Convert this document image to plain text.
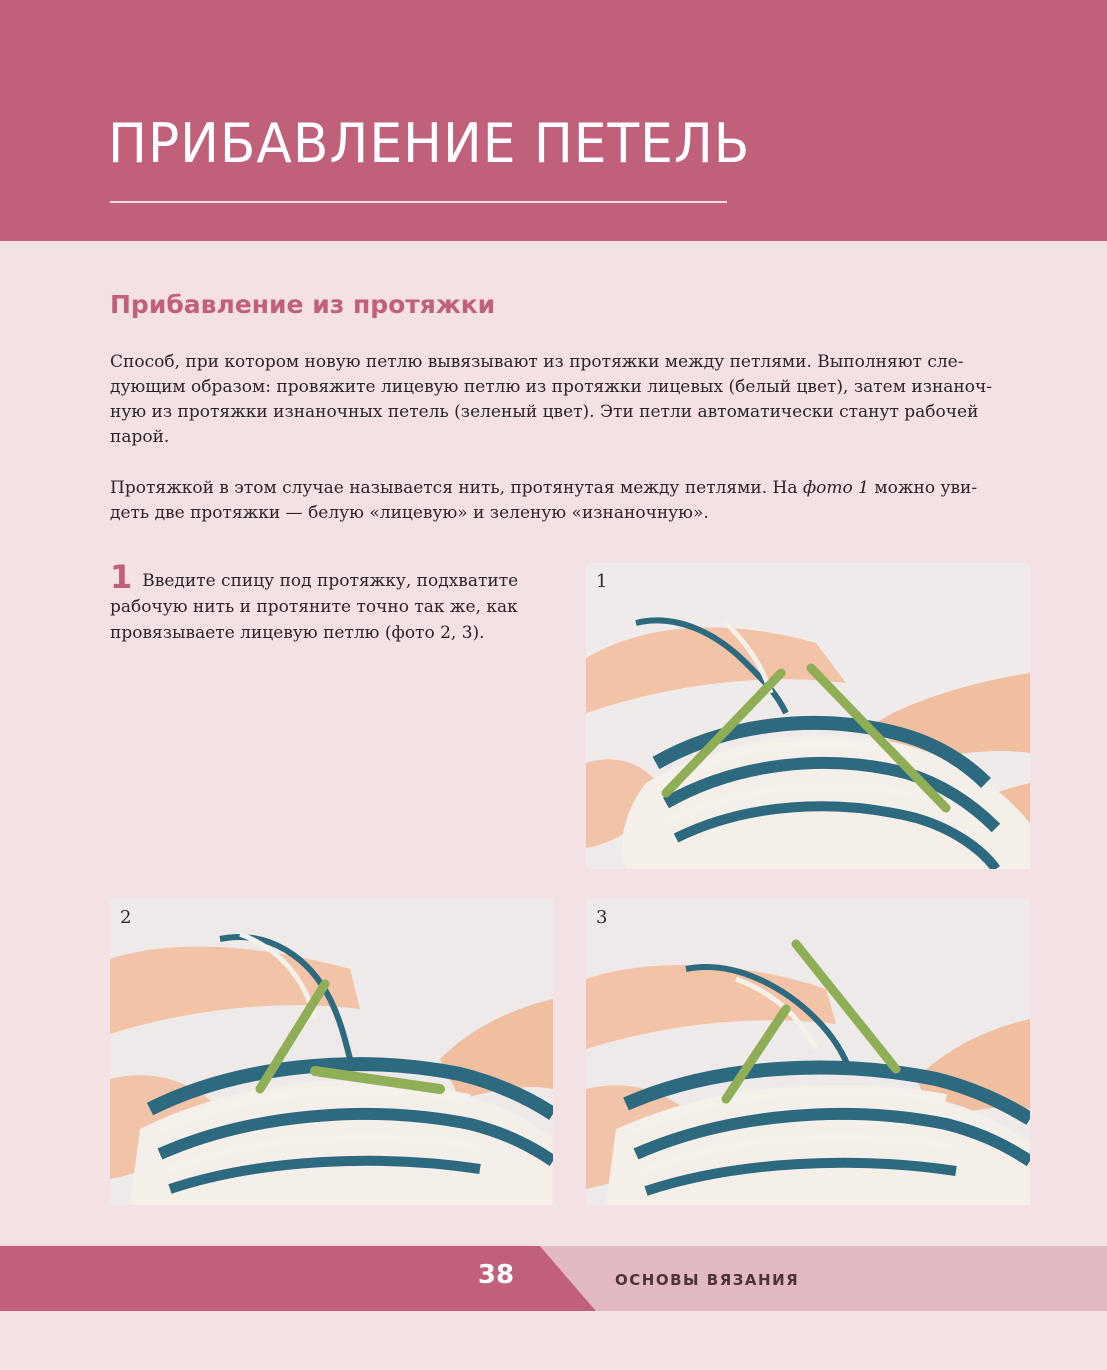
ПРИБАВЛЕНИЕ ПЕТЕЛЬ
Прибавление из протяжки
Способ, при котором новую петлю вывязывают из протяжки между петлями. Выполняют сле-
дующим образом: провяжите лицевую петлю из протяжки лицевых (белый цвет), затем изнаноч-
ную из протяжки изнаночных петель (зеленый цвет). Эти петли автоматически станут рабочей
парой.
Протяжкой в этом случае называется нить, протянутая между петлями. На фото 1 можно уви-
деть две протяжки — белую «лицевую» и зеленую «изнаночную».
1 Введите спицу под протяжку, подхватите
рабочую нить и протяните точно так же, как
провязываете лицевую петлю (фото 2, 3).
1
2	3
38	ОСНОВЫ ВЯЗАНИЯ
